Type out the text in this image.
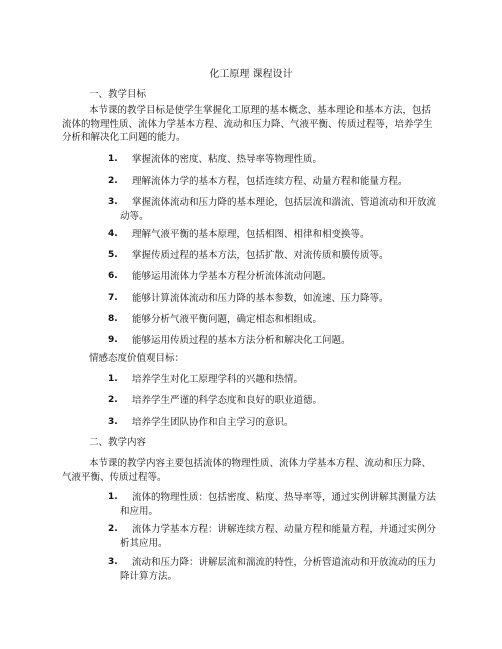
化工原理 课程设计
一、教学目标
本节课的教学目标是使学生掌握化工原理的基本概念、基本理论和基本方法，包括流体的物理性质、流体力学基本方程、流动和压力降、气液平衡、传质过程等，培养学生分析和解决化工问题的能力。
1.	掌握流体的密度、粘度、热导率等物理性质。
2.	理解流体力学的基本方程，包括连续方程、动量方程和能量方程。
3.	掌握流体流动和压力降的基本理论，包括层流和湍流、管道流动和开放流动等。
4.	理解气液平衡的基本原理，包括相图、相律和相变换等。
5.	掌握传质过程的基本方法，包括扩散、对流传质和膜传质等。
6.	能够运用流体力学基本方程分析流体流动问题。
7.	能够计算流体流动和压力降的基本参数，如流速、压力降等。
8.	能够分析气液平衡问题，确定相态和相组成。
9.	能够运用传质过程的基本方法分析和解决化工问题。
情感态度价值观目标：
1.	培养学生对化工原理学科的兴趣和热情。
2.	培养学生严谨的科学态度和良好的职业道德。
3.	培养学生团队协作和自主学习的意识。
二、教学内容
本节课的教学内容主要包括流体的物理性质、流体力学基本方程、流动和压力降、气液平衡、传质过程等。
1.	流体的物理性质：包括密度、粘度、热导率等，通过实例讲解其测量方法和应用。
2.	流体力学基本方程：讲解连续方程、动量方程和能量方程，并通过实例分析其应用。
3.	流动和压力降：讲解层流和湍流的特性，分析管道流动和开放流动的压力降计算方法。
